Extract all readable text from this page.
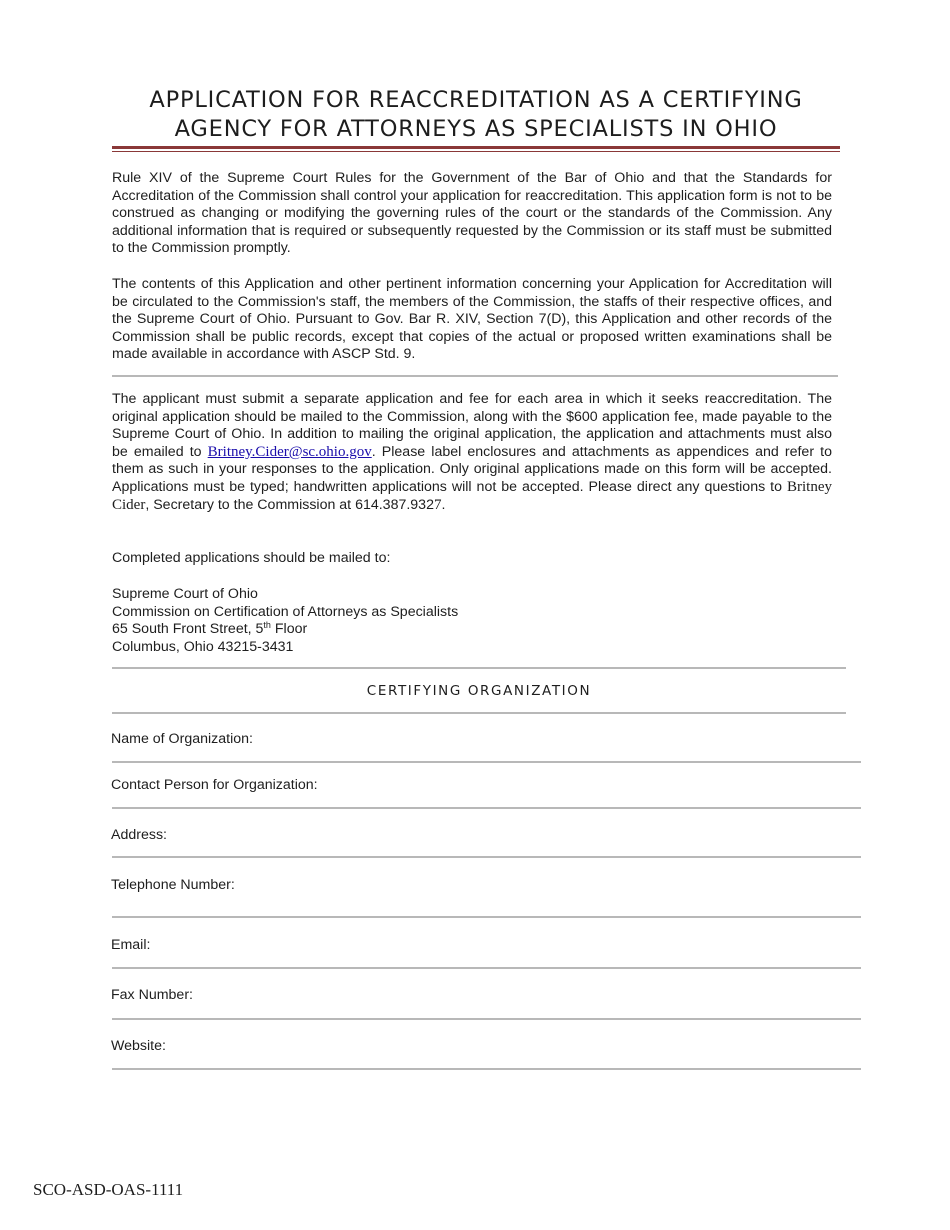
APPLICATION FOR REACCREDITATION AS A CERTIFYING
AGENCY FOR ATTORNEYS AS SPECIALISTS IN OHIO

Rule XIV of the Supreme Court Rules for the Government of the Bar of Ohio and that the Standards for Accreditation of the Commission shall control your application for reaccreditation. This application form is not to be construed as changing or modifying the governing rules of the court or the standards of the Commission. Any additional information that is required or subsequently requested by the Commission or its staff must be submitted to the Commission promptly.

The contents of this Application and other pertinent information concerning your Application for Accreditation will be circulated to the Commission's staff, the members of the Commission, the staffs of their respective offices, and the Supreme Court of Ohio. Pursuant to Gov. Bar R. XIV, Section 7(D), this Application and other records of the Commission shall be public records, except that copies of the actual or proposed written examinations shall be made available in accordance with ASCP Std. 9.

The applicant must submit a separate application and fee for each area in which it seeks reaccreditation. The original application should be mailed to the Commission, along with the $600 application fee, made payable to the Supreme Court of Ohio. In addition to mailing the original application, the application and attachments must also be emailed to Britney.Cider@sc.ohio.gov. Please label enclosures and attachments as appendices and refer to them as such in your responses to the application. Only original applications made on this form will be accepted. Applications must be typed; handwritten applications will not be accepted. Please direct any questions to Britney Cider, Secretary to the Commission at 614.387.9327.

Completed applications should be mailed to:

Supreme Court of Ohio
Commission on Certification of Attorneys as Specialists
65 South Front Street, 5th Floor
Columbus, Ohio 43215-3431
CERTIFYING ORGANIZATION
Name of Organization:
Contact Person for Organization:
Address:
Telephone Number:
Email:
Fax Number:
Website:
SCO-ASD-OAS-1111
